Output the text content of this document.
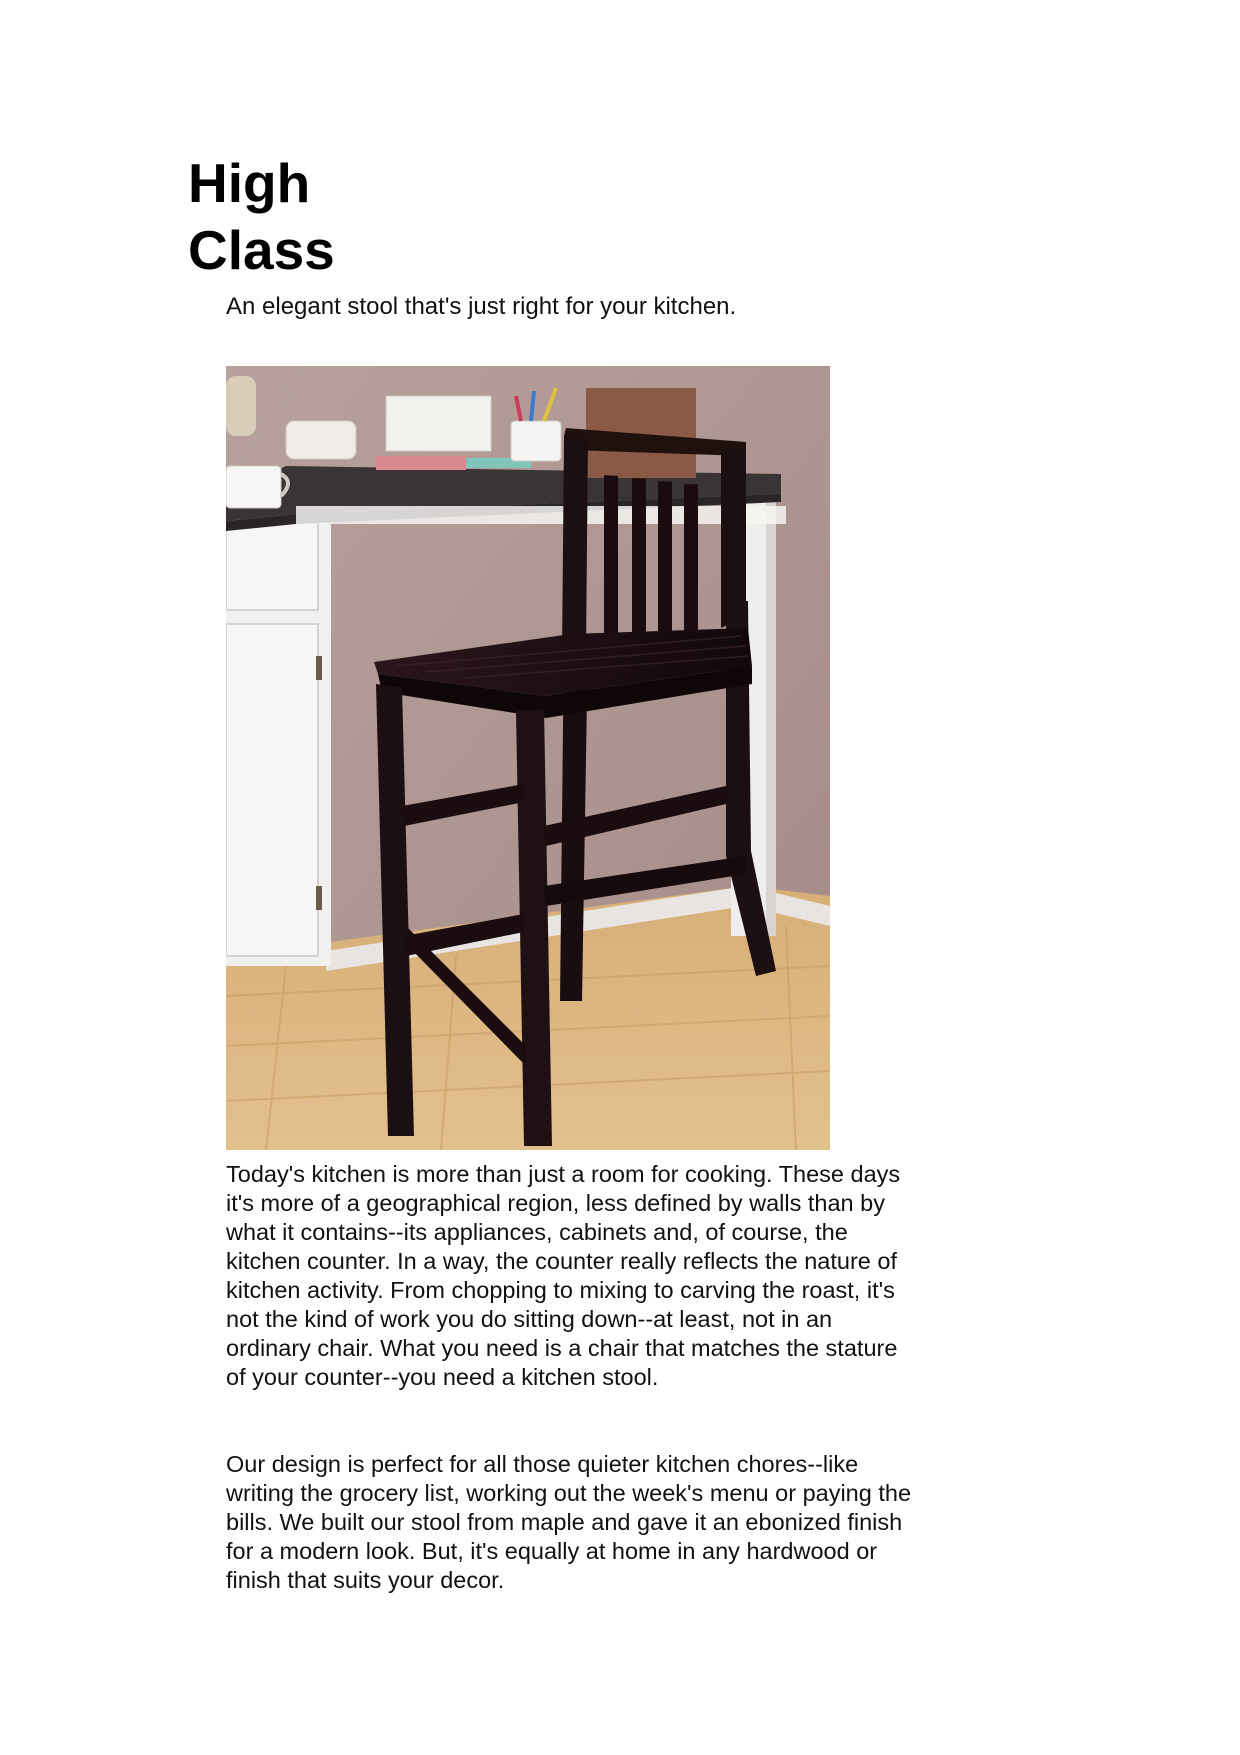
High
Class

An elegant stool that's just right for your kitchen.

Today's kitchen is more than just a room for cooking. These days it's more of a geographical region, less defined by walls than by what it contains--its appliances, cabinets and, of course, the kitchen counter. In a way, the counter really reflects the nature of kitchen activity. From chopping to mixing to carving the roast, it's not the kind of work you do sitting down--at least, not in an ordinary chair. What you need is a chair that matches the stature of your counter--you need a kitchen stool.

Our design is perfect for all those quieter kitchen chores--like writing the grocery list, working out the week's menu or paying the bills. We built our stool from maple and gave it an ebonized finish for a modern look. But, it's equally at home in any hardwood or finish that suits your decor.
